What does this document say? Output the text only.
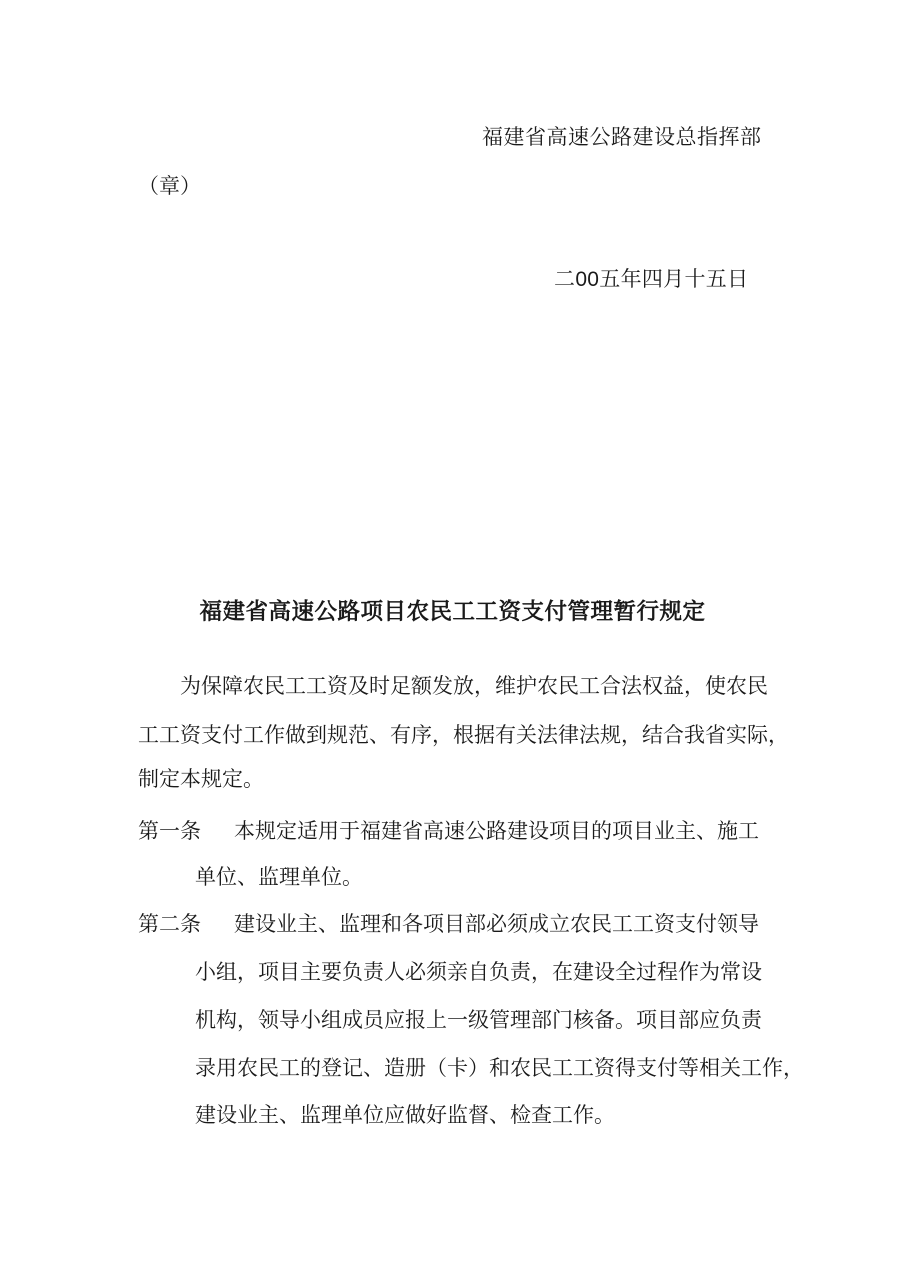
福建省高速公路建设总指挥部
（章）
二00五年四月十五日
福建省高速公路项目农民工工资支付管理暂行规定
为保障农民工工资及时足额发放，维护农民工合法权益，使农民
工工资支付工作做到规范、有序，根据有关法律法规，结合我省实际，
制定本规定。
第一条 本规定适用于福建省高速公路建设项目的项目业主、施工
单位、监理单位。
第二条 建设业主、监理和各项目部必须成立农民工工资支付领导
小组，项目主要负责人必须亲自负责，在建设全过程作为常设
机构，领导小组成员应报上一级管理部门核备。项目部应负责
录用农民工的登记、造册（卡）和农民工工资得支付等相关工作，
建设业主、监理单位应做好监督、检查工作。
